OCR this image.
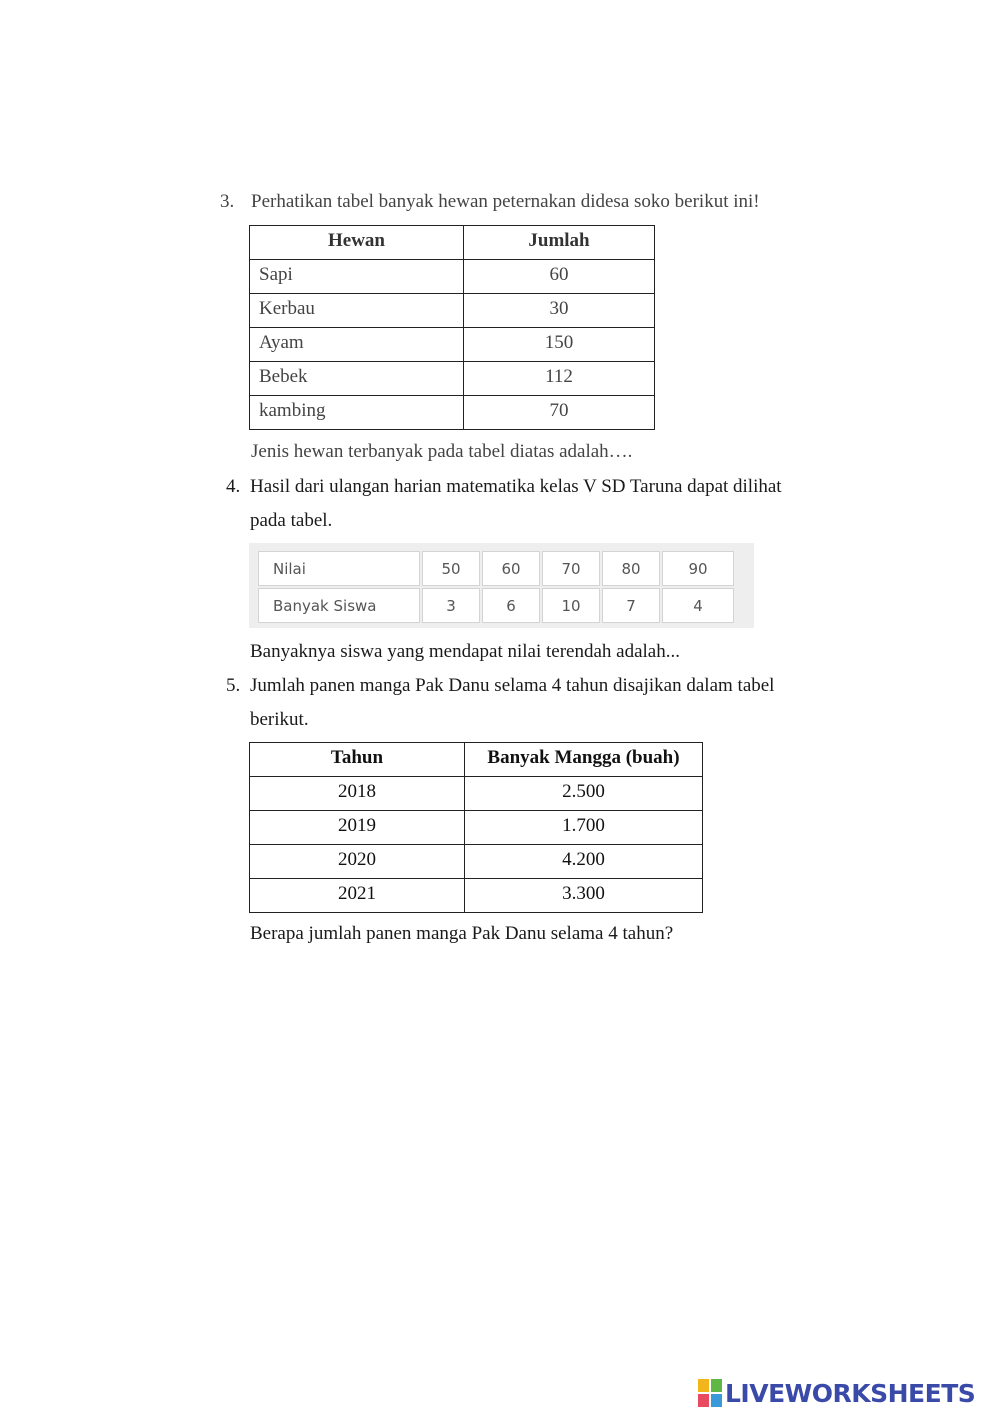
3. Perhatikan tabel banyak hewan peternakan didesa soko berikut ini!
Hewan	Jumlah
Sapi	60
Kerbau	30
Ayam	150
Bebek	112
kambing	70
Jenis hewan terbanyak pada tabel diatas adalah….
4. Hasil dari ulangan harian matematika kelas V SD Taruna dapat dilihat
pada tabel.
Nilai	50	60	70	80	90
Banyak Siswa	3	6	10	7	4
Banyaknya siswa yang mendapat nilai terendah adalah...
5. Jumlah panen manga Pak Danu selama 4 tahun disajikan dalam tabel
berikut.
Tahun	Banyak Mangga (buah)
2018	2.500
2019	1.700
2020	4.200
2021	3.300
Berapa jumlah panen manga Pak Danu selama 4 tahun?
LIVEWORKSHEETS
